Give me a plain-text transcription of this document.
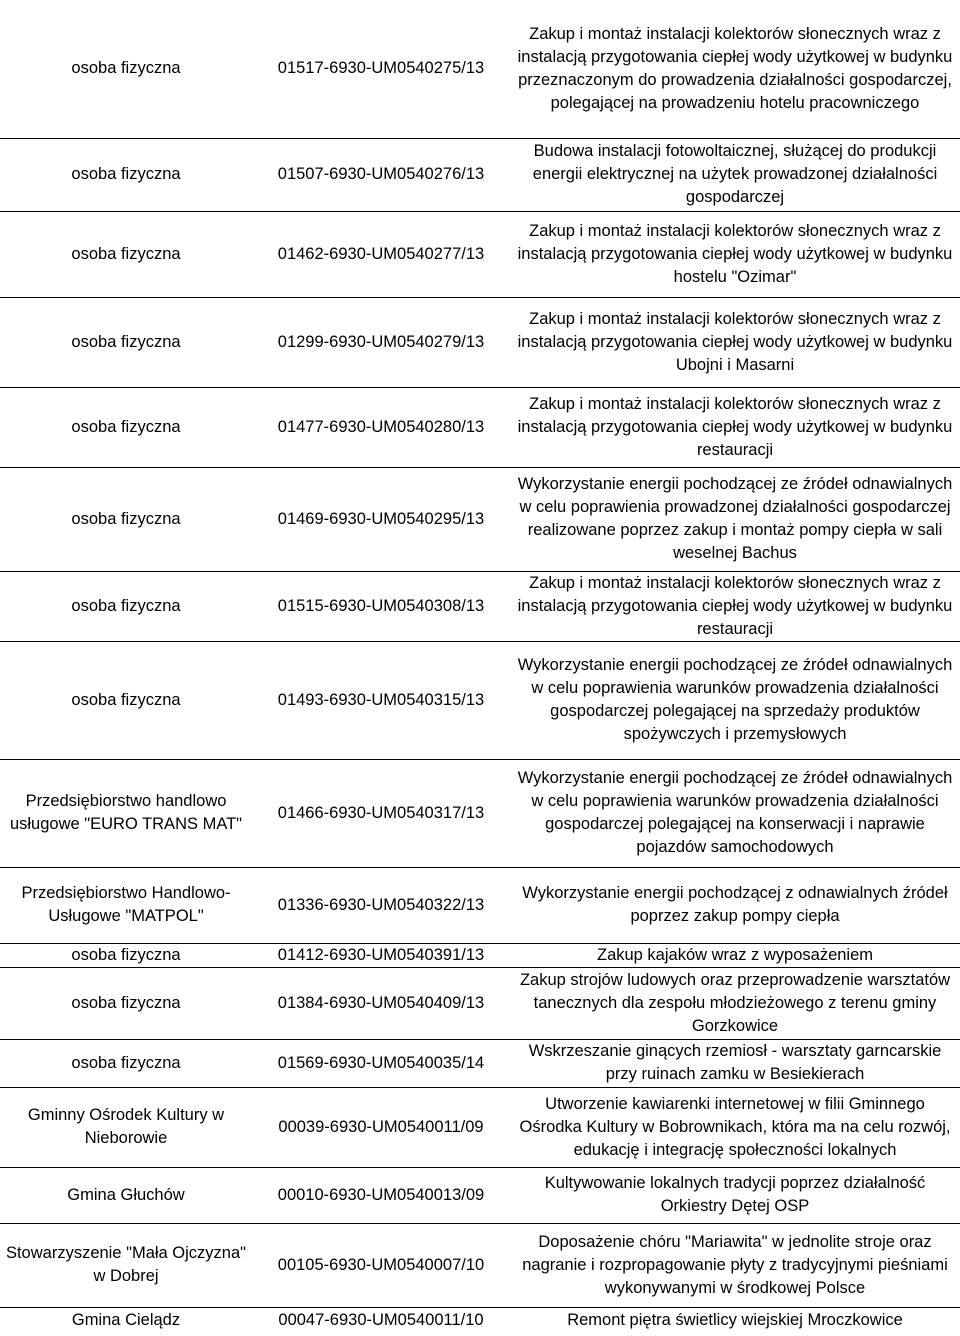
osoba fizyczna	01517-6930-UM0540275/13	Zakup i montaż instalacji kolektorów słonecznych wraz z instalacją przygotowania ciepłej wody użytkowej w budynku przeznaczonym do prowadzenia działalności gospodarczej, polegającej na prowadzeniu hotelu pracowniczego
osoba fizyczna	01507-6930-UM0540276/13	Budowa instalacji fotowoltaicznej, służącej do produkcji energii elektrycznej na użytek prowadzonej działalności gospodarczej
osoba fizyczna	01462-6930-UM0540277/13	Zakup i montaż instalacji kolektorów słonecznych wraz z instalacją przygotowania ciepłej wody użytkowej w budynku hostelu "Ozimar"
osoba fizyczna	01299-6930-UM0540279/13	Zakup i montaż instalacji kolektorów słonecznych wraz z instalacją przygotowania ciepłej wody użytkowej w budynku Ubojni i Masarni
osoba fizyczna	01477-6930-UM0540280/13	Zakup i montaż instalacji kolektorów słonecznych wraz z instalacją przygotowania ciepłej wody użytkowej w budynku restauracji
osoba fizyczna	01469-6930-UM0540295/13	Wykorzystanie energii pochodzącej ze źródeł odnawialnych w celu poprawienia prowadzonej działalności gospodarczej realizowane poprzez zakup i montaż pompy ciepła w sali weselnej Bachus
osoba fizyczna	01515-6930-UM0540308/13	Zakup i montaż instalacji kolektorów słonecznych wraz z instalacją przygotowania ciepłej wody użytkowej w budynku restauracji
osoba fizyczna	01493-6930-UM0540315/13	Wykorzystanie energii pochodzącej ze źródeł odnawialnych w celu poprawienia warunków prowadzenia działalności gospodarczej polegającej na sprzedaży produktów spożywczych i przemysłowych
Przedsiębiorstwo handlowo usługowe "EURO TRANS MAT"	01466-6930-UM0540317/13	Wykorzystanie energii pochodzącej ze źródeł odnawialnych w celu poprawienia warunków prowadzenia działalności gospodarczej polegającej na konserwacji i naprawie pojazdów samochodowych
Przedsiębiorstwo Handlowo-Usługowe "MATPOL"	01336-6930-UM0540322/13	Wykorzystanie energii pochodzącej z odnawialnych źródeł poprzez zakup pompy ciepła
osoba fizyczna	01412-6930-UM0540391/13	Zakup kajaków wraz z wyposażeniem
osoba fizyczna	01384-6930-UM0540409/13	Zakup strojów ludowych oraz przeprowadzenie warsztatów tanecznych dla zespołu młodzieżowego z terenu gminy Gorzkowice
osoba fizyczna	01569-6930-UM0540035/14	Wskrzeszanie ginących rzemiosł - warsztaty garncarskie przy ruinach zamku w Besiekierach
Gminny Ośrodek Kultury w Nieborowie	00039-6930-UM0540011/09	Utworzenie kawiarenki internetowej w filii Gminnego Ośrodka Kultury w Bobrownikach, która ma na celu rozwój, edukację i integrację społeczności lokalnych
Gmina Głuchów	00010-6930-UM0540013/09	Kultywowanie lokalnych tradycji poprzez działalność Orkiestry Dętej OSP
Stowarzyszenie "Mała Ojczyzna" w Dobrej	00105-6930-UM0540007/10	Doposażenie chóru "Mariawita" w jednolite stroje oraz nagranie i rozpropagowanie płyty z tradycyjnymi pieśniami wykonywanymi w środkowej Polsce
Gmina Cielądz	00047-6930-UM0540011/10	Remont piętra świetlicy wiejskiej Mroczkowice
